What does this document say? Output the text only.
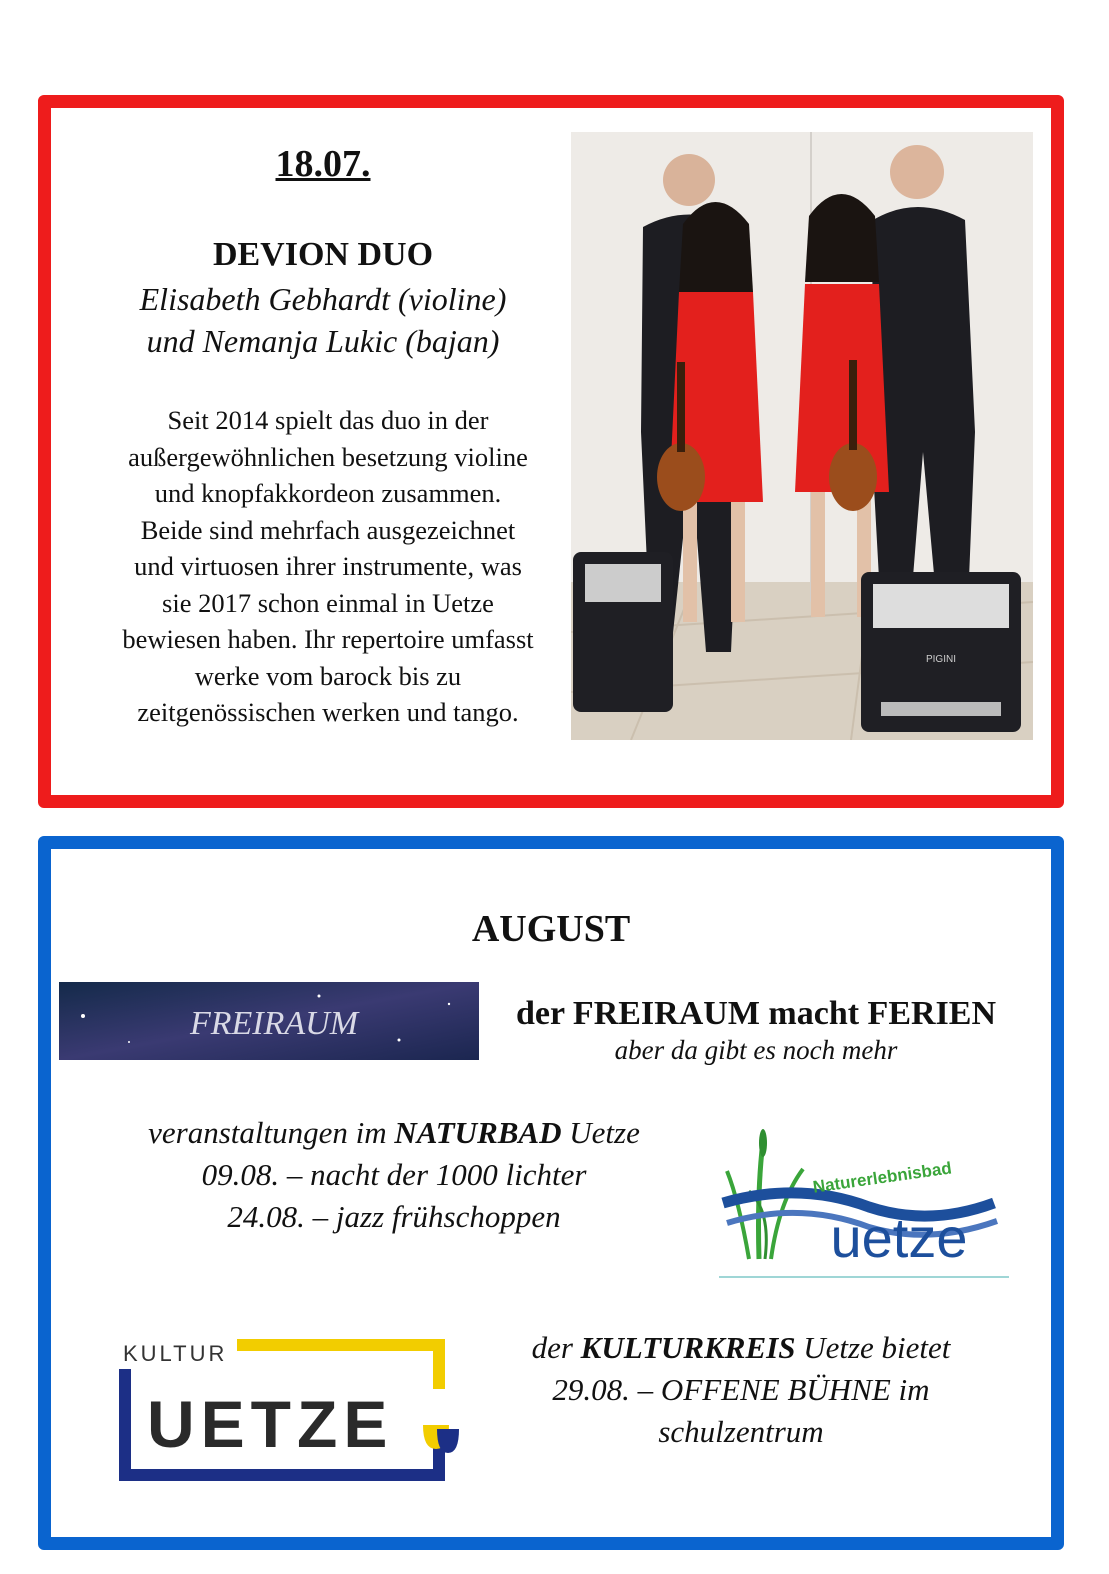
18.07.
DEVION DUO
Elisabeth Gebhardt (violine)
und Nemanja Lukic (bajan)
Seit 2014 spielt das duo in der
außergewöhnlichen besetzung violine
und knopfakkordeon zusammen.
Beide sind mehrfach ausgezeichnet
und virtuosen ihrer instrumente, was
sie 2017 schon einmal in Uetze
bewiesen haben. Ihr repertoire umfasst
werke vom barock bis zu
zeitgenössischen werken und tango.
PIGINI
AUGUST
FREIRAUM	der FREIRAUM macht FERIEN
aber da gibt es noch mehr
veranstaltungen im NATURBAD Uetze
09.08. – nacht der 1000 lichter
24.08. – jazz frühschoppen
Naturerlebnisbad
uetze
KULTUR
UETZE
der KULTURKREIS Uetze bietet
29.08. – OFFENE BÜHNE im
schulzentrum
